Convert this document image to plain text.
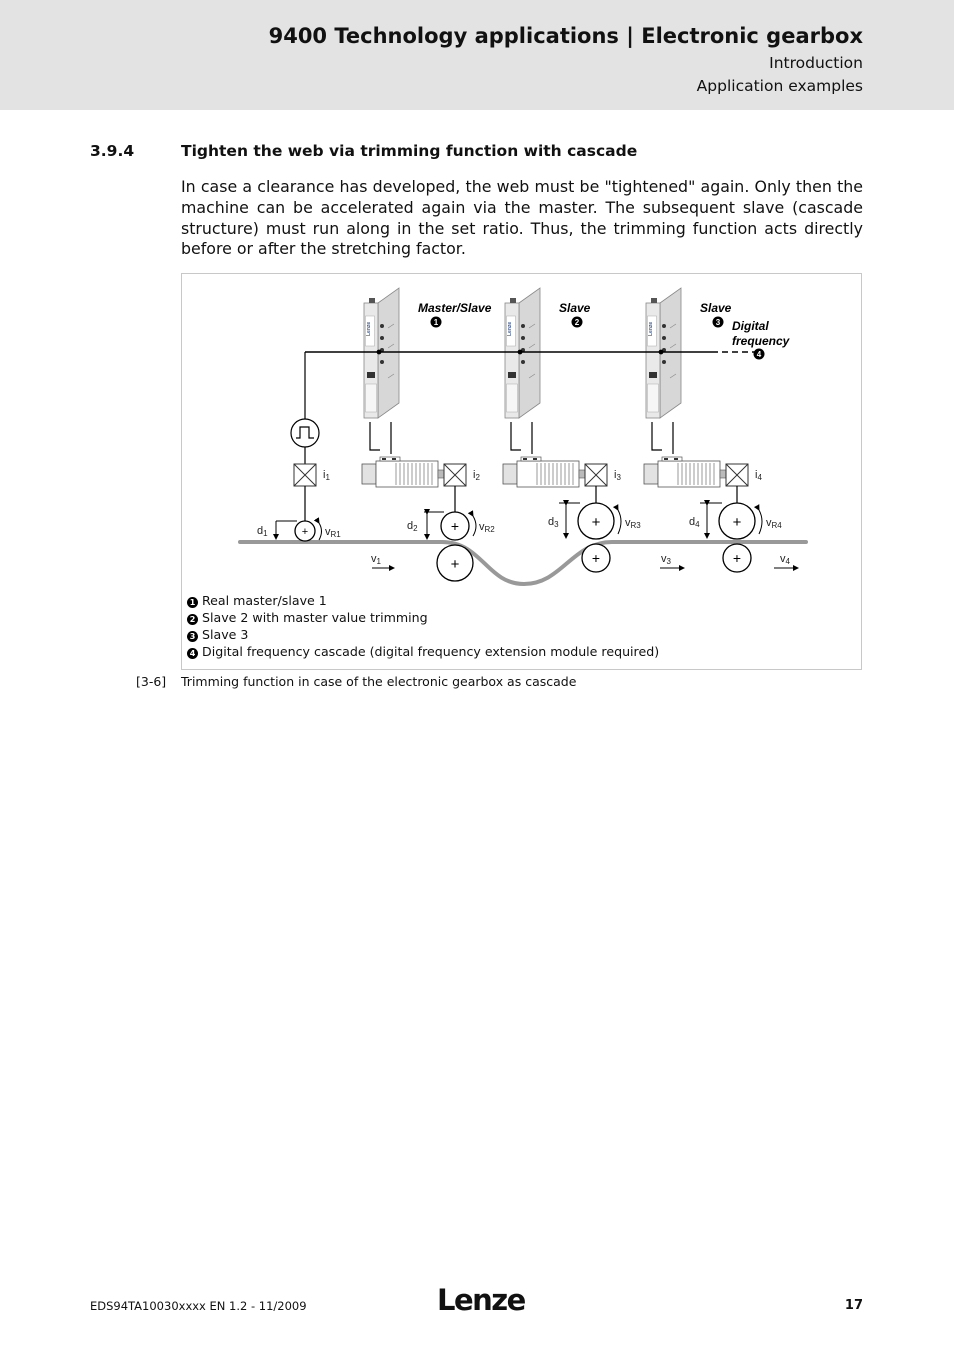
9400 Technology applications | Electronic gearbox
Introduction
Application examples
3.9.4	Tighten the web via trimming function with cascade
In case a clearance has developed, the web must be "tightened" again. Only then the machine can be accelerated again via the master. The subsequent slave (cascade structure) must run along in the set ratio. Thus, the trimming function acts directly before or after the stretching factor.
+	+
+
+
+
+
+
Master/Slave	Slave	Slave
Digital
frequency
1	2	3
4
Lenze	Lenze	Lenze
i1	i2	i3	i4
d1
d2
d3	d4
vR1
vR2
vR3	vR4
v1	v3	v4
1 Real master/slave 1
2 Slave 2 with master value trimming
3 Slave 3
4 Digital frequency cascade (digital frequency extension module required)
[3-6] Trimming function in case of the electronic gearbox as cascade
EDS94TA10030xxxx EN 1.2 - 11/2009	Lenze	17
